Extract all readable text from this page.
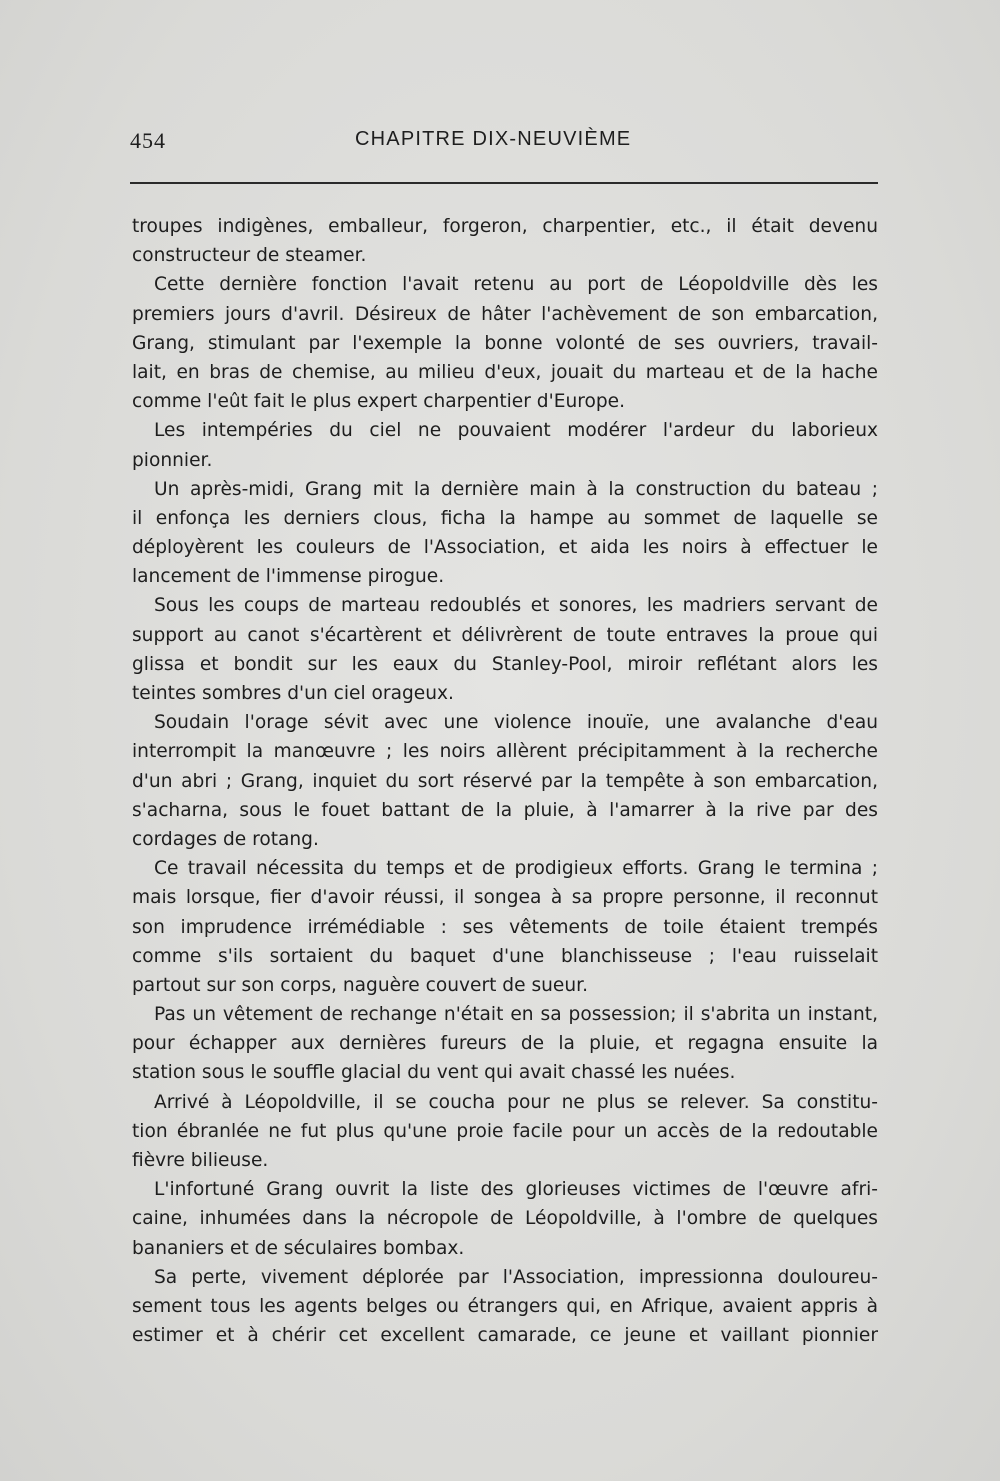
454	CHAPITRE DIX-NEUVIÈME
troupes indigènes, emballeur, forgeron, charpentier, etc., il était devenu
constructeur de steamer.
Cette dernière fonction l'avait retenu au port de Léopoldville dès les
premiers jours d'avril. Désireux de hâter l'achèvement de son embarcation,
Grang, stimulant par l'exemple la bonne volonté de ses ouvriers, travail-
lait, en bras de chemise, au milieu d'eux, jouait du marteau et de la hache
comme l'eût fait le plus expert charpentier d'Europe.
Les intempéries du ciel ne pouvaient modérer l'ardeur du laborieux
pionnier.
Un après-midi, Grang mit la dernière main à la construction du bateau ;
il enfonça les derniers clous, ficha la hampe au sommet de laquelle se
déployèrent les couleurs de l'Association, et aida les noirs à effectuer le
lancement de l'immense pirogue.
Sous les coups de marteau redoublés et sonores, les madriers servant de
support au canot s'écartèrent et délivrèrent de toute entraves la proue qui
glissa et bondit sur les eaux du Stanley-Pool, miroir reflétant alors les
teintes sombres d'un ciel orageux.
Soudain l'orage sévit avec une violence inouïe, une avalanche d'eau
interrompit la manœuvre ; les noirs allèrent précipitamment à la recherche
d'un abri ; Grang, inquiet du sort réservé par la tempête à son embarcation,
s'acharna, sous le fouet battant de la pluie, à l'amarrer à la rive par des
cordages de rotang.
Ce travail nécessita du temps et de prodigieux efforts. Grang le termina ;
mais lorsque, fier d'avoir réussi, il songea à sa propre personne, il reconnut
son imprudence irrémédiable : ses vêtements de toile étaient trempés
comme s'ils sortaient du baquet d'une blanchisseuse ; l'eau ruisselait
partout sur son corps, naguère couvert de sueur.
Pas un vêtement de rechange n'était en sa possession; il s'abrita un instant,
pour échapper aux dernières fureurs de la pluie, et regagna ensuite la
station sous le souffle glacial du vent qui avait chassé les nuées.
Arrivé à Léopoldville, il se coucha pour ne plus se relever. Sa constitu-
tion ébranlée ne fut plus qu'une proie facile pour un accès de la redoutable
fièvre bilieuse.
L'infortuné Grang ouvrit la liste des glorieuses victimes de l'œuvre afri-
caine, inhumées dans la nécropole de Léopoldville, à l'ombre de quelques
bananiers et de séculaires bombax.
Sa perte, vivement déplorée par l'Association, impressionna douloureu-
sement tous les agents belges ou étrangers qui, en Afrique, avaient appris à
estimer et à chérir cet excellent camarade, ce jeune et vaillant pionnier
